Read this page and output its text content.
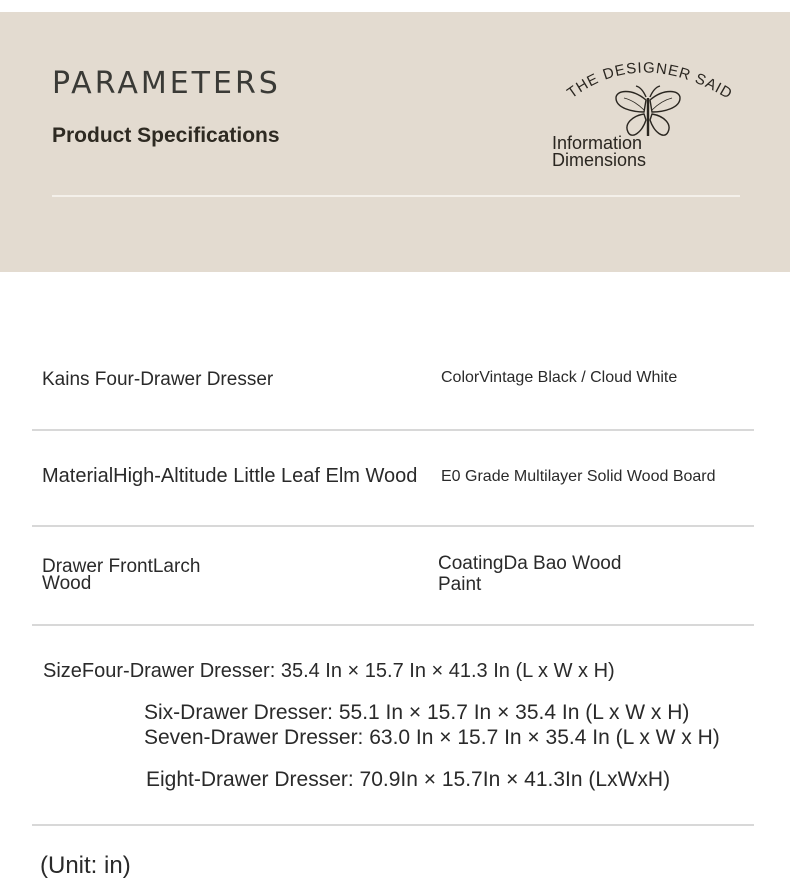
PARAMETERS
Product Specifications
THE DESIGNER SAID
Information
Dimensions
Kains Four-Drawer Dresser	ColorVintage Black / Cloud White
MaterialHigh-Altitude Little Leaf Elm Wood E0 Grade Multilayer Solid Wood Board
Drawer FrontLarch Wood
CoatingDa Bao Wood Paint
SizeFour-Drawer Dresser: 35.4 In × 15.7 In × 41.3 In (L x W x H)
Six-Drawer Dresser: 55.1 In × 15.7 In × 35.4 In (L x W x H)
Seven-Drawer Dresser: 63.0 In × 15.7 In × 35.4 In (L x W x H)
Eight-Drawer Dresser: 70.9In × 15.7In × 41.3In (LxWxH)
(Unit: in)
